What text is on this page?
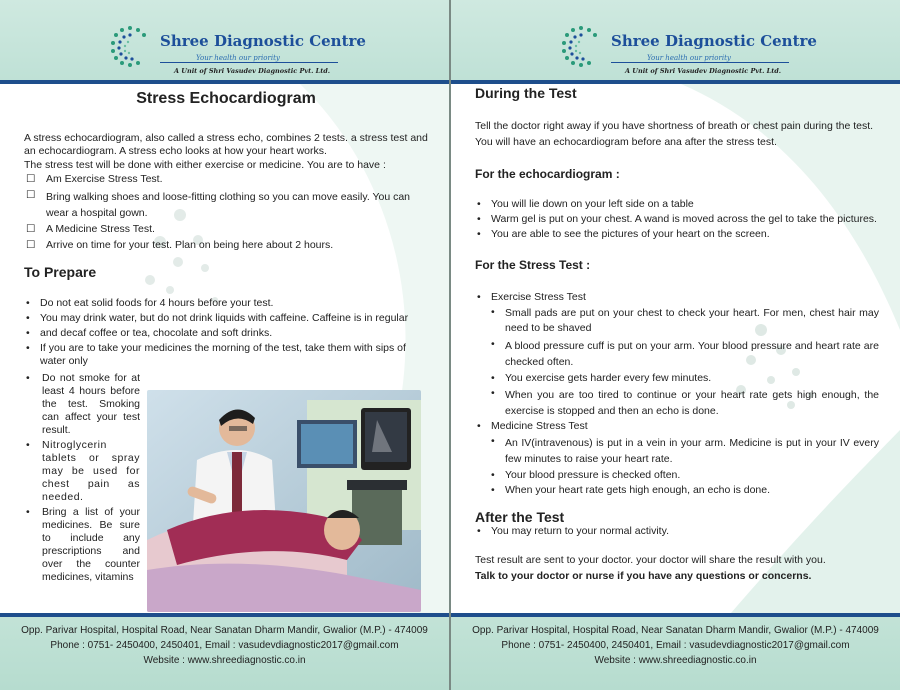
Shree Diagnostic Centre
Your health our priority
A Unit of Shri Vasudev Diagnostic Pvt. Ltd.
Stress Echocardiogram

A stress echocardiogram, also called a stress echo, combines 2 tests. a stress test and an echocardiogram. A stress echo looks at how your heart works.

The stress test will be done with either exercise or medicine. You are to have :

☐ Am Exercise Stress Test.
☐ Bring walking shoes and loose-fitting clothing so you can move easily. You can wear a hospital gown.
☐ A Medicine Stress Test.
☐ Arrive on time for your test. Plan on being here about 2 hours.
To Prepare
• Do not eat solid foods for 4 hours before your test.
• You may drink water, but do not drink liquids with caffeine. Caffeine is in regular
• and decaf coffee or tea, chocolate and soft drinks.
• If you are to take your medicines the morning of the test, take them with sips of water only
• Do not smoke for at least 4 hours before the test. Smoking can affect your test result.
• Nitroglycerin tablets or spray may be used for chest pain as needed.
• Bring a list of your medicines. Be sure to include any prescriptions and over the counter medicines, vitamins
Opp. Parivar Hospital, Hospital Road, Near Sanatan Dharm Mandir, Gwalior (M.P.) - 474009
Phone : 0751- 2450400, 2450401, Email : vasudevdiagnostic2017@gmail.com
Website : www.shreediagnostic.co.in
Shree Diagnostic Centre
Your health our priority
A Unit of Shri Vasudev Diagnostic Pvt. Ltd.
During the Test

Tell the doctor right away if you have shortness of breath or chest pain during the test. You will have an echocardiogram before ana after the stress test.

For the echocardiogram :
• You will lie down on your left side on a table
• Warm gel is put on your chest. A wand is moved across the gel to take the pictures.
• You are able to see the pictures of your heart on the screen.
For the Stress Test :
• Exercise Stress Test
• Small pads are put on your chest to check your heart. For men, chest hair may need to be shaved
• A blood pressure cuff is put on your arm. Your blood pressure and heart rate are checked often.
• You exercise gets harder every few minutes.
• When you are too tired to continue or your heart rate gets high enough, the exercise is stopped and then an echo is done.
• Medicine Stress Test
• An IV(intravenous) is put in a vein in your arm. Medicine is put in your IV every few minutes to raise your heart rate.
• Your blood pressure is checked often.
• When your heart rate gets high enough, an echo is done.
After the Test
• You may return to your normal activity.

Test result are sent to your doctor. your doctor will share the result with you.

Talk to your doctor or nurse if you have any questions or concerns.

Opp. Parivar Hospital, Hospital Road, Near Sanatan Dharm Mandir, Gwalior (M.P.) - 474009
Phone : 0751- 2450400, 2450401, Email : vasudevdiagnostic2017@gmail.com
Website : www.shreediagnostic.co.in
